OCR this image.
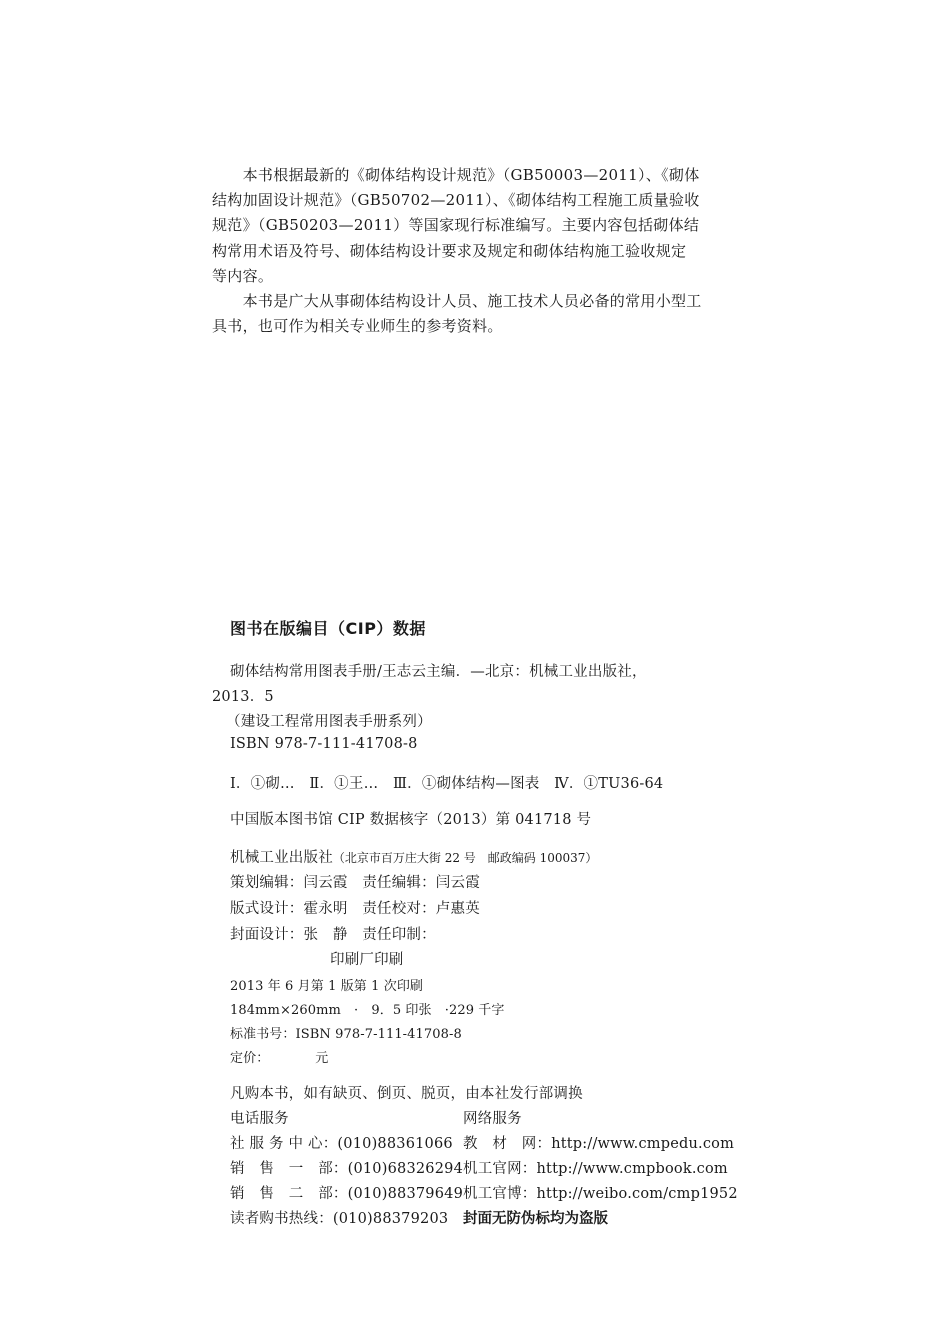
　　本书根据最新的《砌体结构设计规范》（GB50003—2011）、《砌体
结构加固设计规范》（GB50702—2011）、《砌体结构工程施工质量验收
规范》（GB50203—2011）等国家现行标准编写。主要内容包括砌体结
构常用术语及符号、砌体结构设计要求及规定和砌体结构施工验收规定
等内容。
　　本书是广大从事砌体结构设计人员、施工技术人员必备的常用小型工
具书，也可作为相关专业师生的参考资料。
图书在版编目（CIP）数据
砌体结构常用图表手册/王志云主编．—北京：机械工业出版社，
2013．5
（建设工程常用图表手册系列）
ISBN 978-7-111-41708-8
Ⅰ．①砌…　Ⅱ．①王…　Ⅲ．①砌体结构—图表　Ⅳ．①TU36-64
中国版本图书馆 CIP 数据核字（2013）第 041718 号
机械工业出版社（北京市百万庄大街 22 号　邮政编码 100037）
策划编辑：闫云霞　责任编辑：闫云霞
版式设计：霍永明　责任校对：卢惠英
封面设计：张　静　责任印制：
印刷厂印刷
2013 年 6 月第 1 版第 1 次印刷
184mm×260mm　·　9．5 印张　·229 千字
标准书号：ISBN 978-7-111-41708-8
定价：　　　　元
凡购本书，如有缺页、倒页、脱页，由本社发行部调换
电话服务	网络服务
社 服 务 中 心：(010)88361066 教　材　网：http://www.cmpedu.com
销　售　一　部：(010)68326294 机工官网：http://www.cmpbook.com
销　售　二　部：(010)88379649 机工官博：http://weibo.com/cmp1952
读者购书热线：(010)88379203 封面无防伪标均为盗版
